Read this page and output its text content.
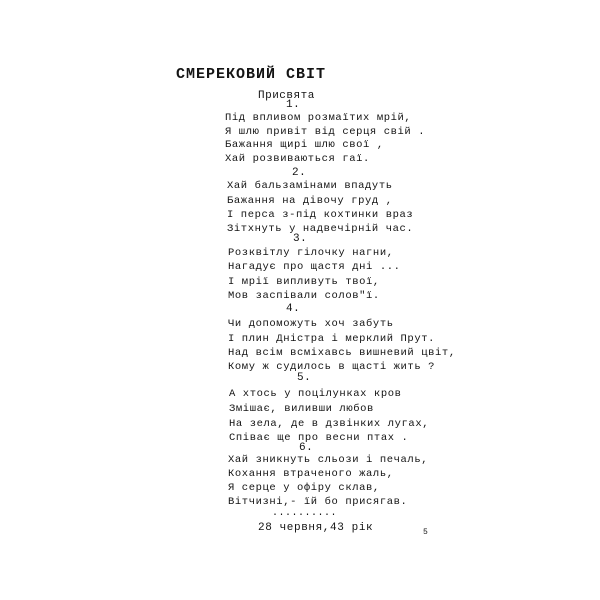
СМЕРЕКОВИЙ СВІТ
Присвята
1.
Під впливом розмаїтих мрій,
Я шлю привіт від серця свій .
Бажання щирі шлю свої ,
Хай розвиваються гаї.
2.
Хай бальзамінами впадуть
Бажання на дівочу груд ,
І перса з-під кохтинки враз
Зітхнуть у надвечірній час.
3.
Розквітлу гілочку нагни,
Нагадує про щастя дні ...
І мрії випливуть твої,
Мов заспівали солов"ї.
4.
Чи допоможуть хоч забуть
І плин Дністра і мерклий Прут.
Над всім всміхавсь вишневий цвіт,
Кому ж судилось в щасті жить ?
5.
А хтось у поцілунках кров
Змішає, виливши любов
На зела, де в дзвінких лугах,
Співає ще про весни птах .
6.
Хай зникнуть сльози і печаль,
Кохання втраченого жаль,
Я серце у офіру склав,
Вітчизні,- їй бо присягав.
..........
28 червня,43 рік	5
